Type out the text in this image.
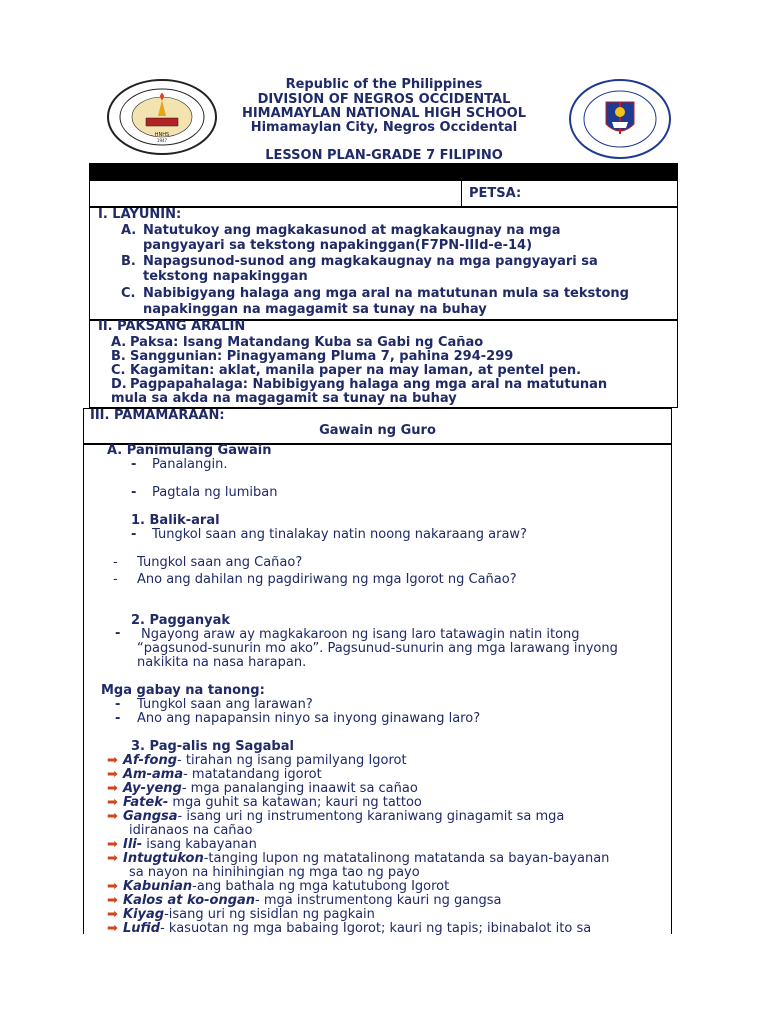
HNHS
1947
Republic of the Philippines
DIVISION OF NEGROS OCCIDENTAL
HIMAMAYLAN NATIONAL HIGH SCHOOL
Himamaylan City, Negros Occidental
LESSON PLAN-GRADE 7 FILIPINO
PETSA:
I. LAYUNIN:
A. Natutukoy ang magkakasunod at magkakaugnay na mga
pangyayari sa tekstong napakinggan(F7PN-IIId-e-14)
B. Napagsunod-sunod ang magkakaugnay na mga pangyayari sa
tekstong napakinggan
C. Nabibigyang halaga ang mga aral na matutunan mula sa tekstong
napakinggan na magagamit sa tunay na buhay
II. PAKSANG ARALIN
A. Paksa: Isang Matandang Kuba sa Gabi ng Cañao
B. Sanggunian: Pinagyamang Pluma 7, pahina 294-299
C. Kagamitan: aklat, manila paper na may laman, at pentel pen.
D. Pagpapahalaga: Nabibigyang halaga ang mga aral na matutunan
mula sa akda na magagamit sa tunay na buhay
III. PAMAMARAAN:
Gawain ng Guro
A. Panimulang Gawain
- Panalangin.
- Pagtala ng lumiban
1. Balik-aral
- Tungkol saan ang tinalakay natin noong nakaraang araw?
- Tungkol saan ang Cañao?
- Ano ang dahilan ng pagdiriwang ng mga Igorot ng Cañao?
2. Pagganyak
- Ngayong araw ay magkakaroon ng isang laro tatawagin natin itong
“pagsunod-sunurin mo ako”. Pagsunud-sunurin ang mga larawang inyong
nakikita na nasa harapan.
Mga gabay na tanong:
- Tungkol saan ang larawan?
- Ano ang napapansin ninyo sa inyong ginawang laro?
3. Pag-alis ng Sagabal
➡ Af-fong- tirahan ng isang pamilyang Igorot
➡ Am-ama- matatandang igorot
➡ Ay-yeng- mga panalanging inaawit sa cañao
➡ Fatek- mga guhit sa katawan; kauri ng tattoo
➡ Gangsa- isang uri ng instrumentong karaniwang ginagamit sa mga
idiranaos na cañao
➡ Ili- isang kabayanan
➡ Intugtukon-tanging lupon ng matatalinong matatanda sa bayan-bayanan
sa nayon na hinihingian ng mga tao ng payo
➡ Kabunian-ang bathala ng mga katutubong Igorot
➡ Kalos at ko-ongan- mga instrumentong kauri ng gangsa
➡ Kiyag-isang uri ng sisidlan ng pagkain
➡ Lufid- kasuotan ng mga babaing Igorot; kauri ng tapis; ibinabalot ito sa
